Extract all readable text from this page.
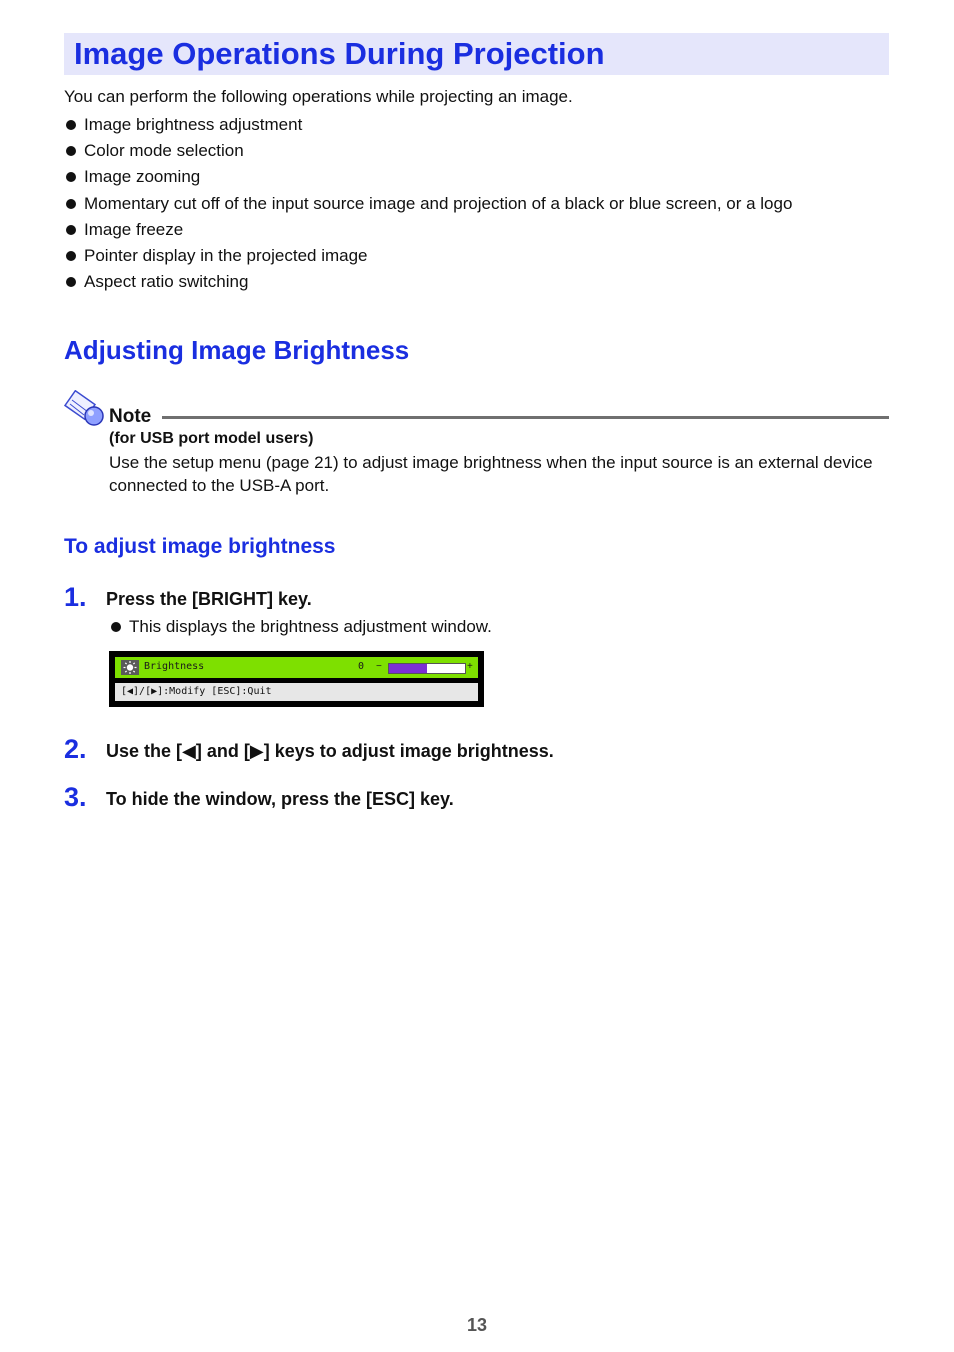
Image Operations During Projection

You can perform the following operations while projecting an image.

Image brightness adjustment
Color mode selection
Image zooming
Momentary cut off of the input source image and projection of a black or blue screen, or a logo
Image freeze
Pointer display in the projected image
Aspect ratio switching
Adjusting Image Brightness
Note
(for USB port model users)

Use the setup menu (page 21) to adjust image brightness when the input source is an external device connected to the USB-A port.

To adjust image brightness
1. Press the [BRIGHT] key.
This displays the brightness adjustment window.
Brightness	0 −	+
[◀]/[▶]:Modify [ESC]:Quit
2. Use the [◀] and [▶] keys to adjust image brightness.
3. To hide the window, press the [ESC] key.
13
